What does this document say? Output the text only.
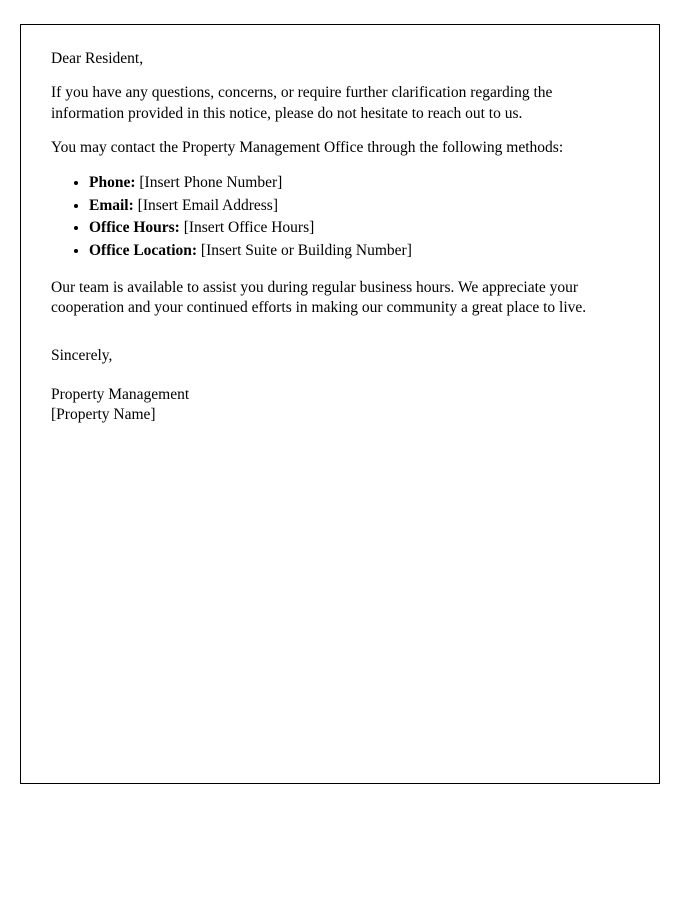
Dear Resident,

If you have any questions, concerns, or require further clarification regarding the information provided in this notice, please do not hesitate to reach out to us.

You may contact the Property Management Office through the following methods:

• Phone: [Insert Phone Number]
• Email: [Insert Email Address]
• Office Hours: [Insert Office Hours]
• Office Location: [Insert Suite or Building Number]

Our team is available to assist you during regular business hours. We appreciate your cooperation and your continued efforts in making our community a great place to live.

Sincerely,

Property Management

[Property Name]
